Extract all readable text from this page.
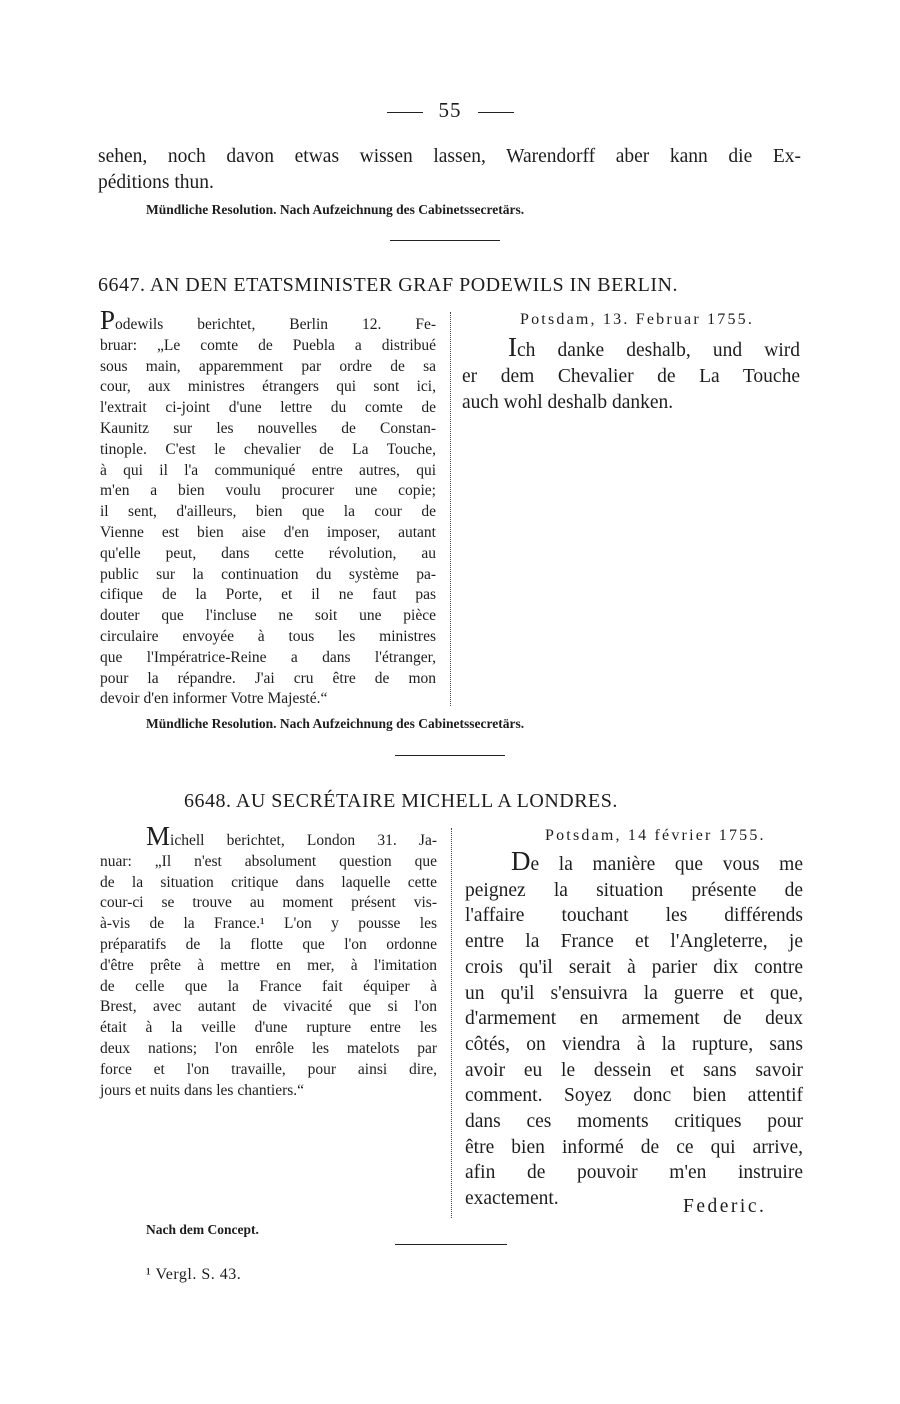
55
sehen, noch davon etwas wissen lassen, Warendorff aber kann die Ex-
péditions thun.
Mündliche Resolution. Nach Aufzeichnung des Cabinetssecretärs.
6647. AN DEN ETATSMINISTER GRAF PODEWILS IN BERLIN.
Podewils berichtet, Berlin 12. Fe-
bruar: „Le comte de Puebla a distribué
sous main, apparemment par ordre de sa
cour, aux ministres étrangers qui sont ici,
l'extrait ci-joint d'une lettre du comte de
Kaunitz sur les nouvelles de Constan-
tinople. C'est le chevalier de La Touche,
à qui il l'a communiqué entre autres, qui
m'en a bien voulu procurer une copie;
il sent, d'ailleurs, bien que la cour de
Vienne est bien aise d'en imposer, autant
qu'elle peut, dans cette révolution, au
public sur la continuation du système pa-
cifique de la Porte, et il ne faut pas
douter que l'incluse ne soit une pièce
circulaire envoyée à tous les ministres
que l'Impératrice-Reine a dans l'étranger,
pour la répandre. J'ai cru être de mon
devoir d'en informer Votre Majesté.“
Potsdam, 13. Februar 1755.
Ich danke deshalb, und wird
er dem Chevalier de La Touche
auch wohl deshalb danken.
Mündliche Resolution. Nach Aufzeichnung des Cabinetssecretärs.
6648. AU SECRÉTAIRE MICHELL A LONDRES.
Michell berichtet, London 31. Ja-
nuar: „Il n'est absolument question que
de la situation critique dans laquelle cette
cour-ci se trouve au moment présent vis-
à-vis de la France.¹ L'on y pousse les
préparatifs de la flotte que l'on ordonne
d'être prête à mettre en mer, à l'imitation
de celle que la France fait équiper à
Brest, avec autant de vivacité que si l'on
était à la veille d'une rupture entre les
deux nations; l'on enrôle les matelots par
force et l'on travaille, pour ainsi dire,
jours et nuits dans les chantiers.“
Potsdam, 14 février 1755.
De la manière que vous me
peignez la situation présente de
l'affaire touchant les différends
entre la France et l'Angleterre, je
crois qu'il serait à parier dix contre
un qu'il s'ensuivra la guerre et que,
d'armement en armement de deux
côtés, on viendra à la rupture, sans
avoir eu le dessein et sans savoir
comment. Soyez donc bien attentif
dans ces moments critiques pour
être bien informé de ce qui arrive,
afin de pouvoir m'en instruire
exactement.	Federic.
Nach dem Concept.
¹ Vergl. S. 43.
